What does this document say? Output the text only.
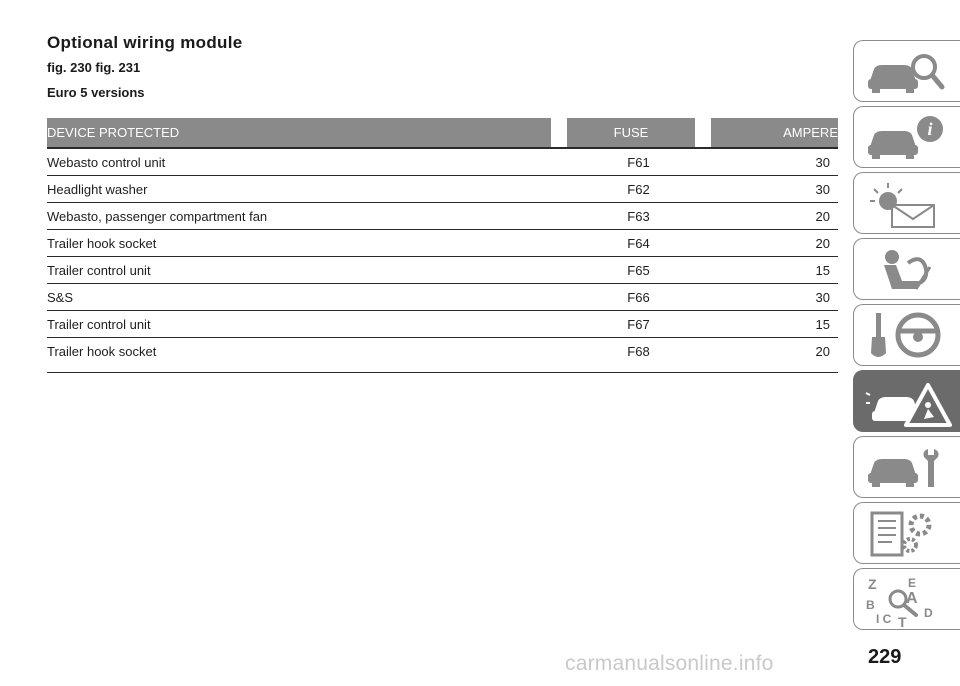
Optional wiring module
fig. 230 fig. 231
Euro 5 versions
DEVICE PROTECTED	FUSE	AMPERE
Webasto control unit	F61	30
Headlight washer	F62	30
Webasto, passenger compartment fan	F63	20
Trailer hook socket	F64	20
Trailer control unit	F65	15
S&S	F66	30
Trailer control unit	F67	15
Trailer hook socket	F68	20
i
Z	E
B A
D
I C T
229
carmanualsonline.info
